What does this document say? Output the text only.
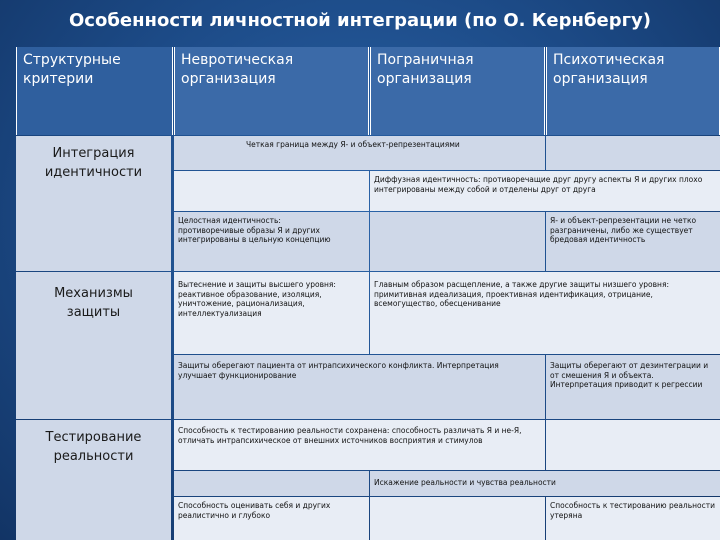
Особенности личностной интеграции (по О. Кернбергу)
Структурные критерии
Невротическая организация
Пограничная организация
Психотическая организация
Интеграция идентичности
Механизмы защиты
Тестирование реальности
Четкая граница между Я- и объект-репрезентациями
Диффузная идентичность: противоречащие друг другу аспекты Я и других плохо интегрированы между собой и отделены друг от друга
Целостная идентичность: противоречивые образы Я и других интегрированы в цельную концепцию
Я- и объект-репрезентации не четко разграничены, либо же существует бредовая идентичность
Вытеснение и защиты высшего уровня: реактивное образование, изоляция, уничтожение, рационализация, интеллектуализация
Главным образом расщепление, а также другие защиты низшего уровня: примитивная идеализация, проективная идентификация, отрицание, всемогущество, обесценивание
Защиты оберегают пациента от интрапсихического конфликта. Интерпретация улучшает функционирование
Защиты оберегают от дезинтеграции и от смешения Я и объекта. Интерпретация приводит к регрессии
Способность к тестированию реальности сохранена: способность различать Я и не-Я, отличать интрапсихическое от внешних источников восприятия и стимулов
Искажение реальности и чувства реальности
Способность оценивать себя и других реалистично и глубоко
Способность к тестированию реальности утеряна
